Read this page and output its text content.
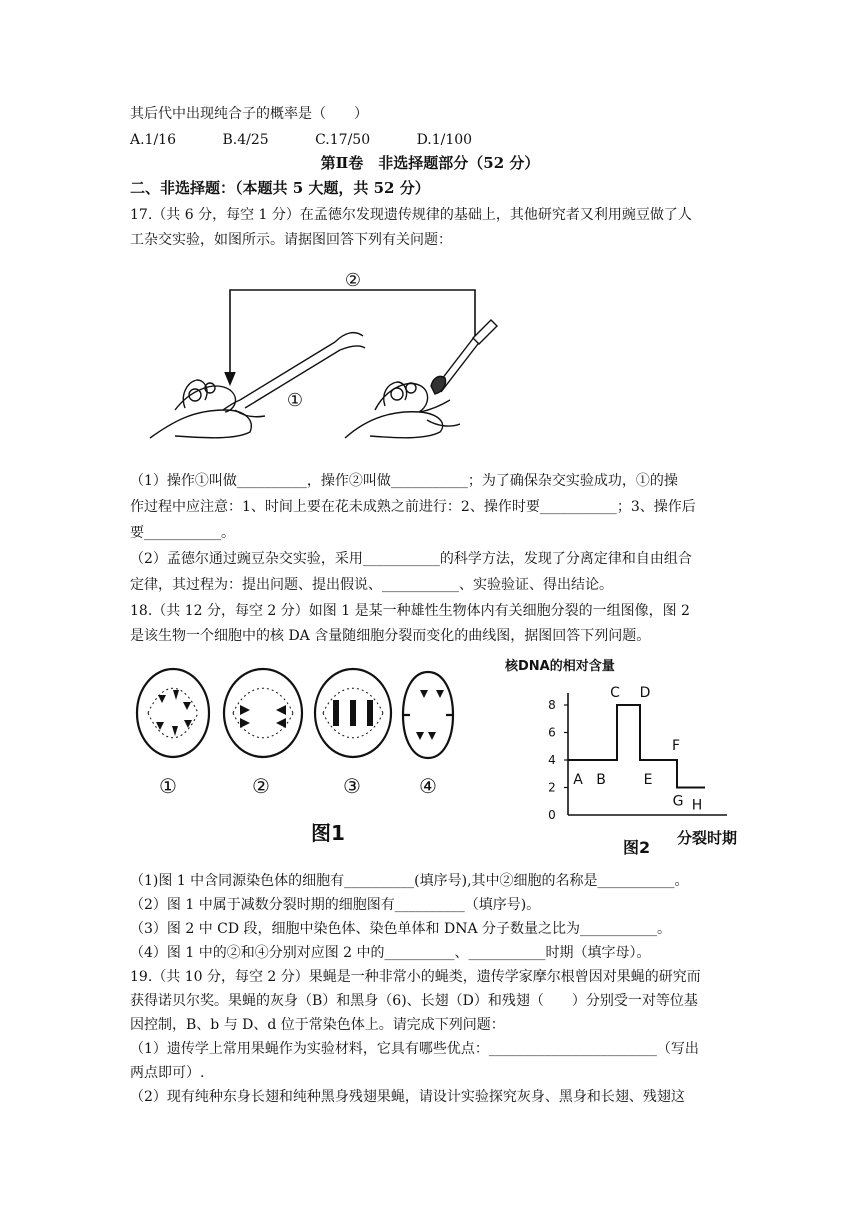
其后代中出现纯合子的概率是（　　）
A.1/16	B.4/25	C.17/50	D.1/100
第Ⅱ卷　非选择题部分（52 分）
二、非选择题：（本题共 5 大题，共 52 分）
17.（共 6 分，每空 1 分）在孟德尔发现遗传规律的基础上，其他研究者又利用豌豆做了人
工杂交实验，如图所示。请据图回答下列有关问题：
②
①
（1）操作①叫做__________，操作②叫做___________；为了确保杂交实验成功，①的操
作过程中应注意：1、时间上要在花未成熟之前进行：2、操作时要___________；3、操作后
要___________。
（2）孟德尔通过豌豆杂交实验，采用___________的科学方法，发现了分离定律和自由组合
定律，其过程为：提出问题、提出假说、___________、实验验证、得出结论。
18.（共 12 分，每空 2 分）如图 1 是某一种雄性生物体内有关细胞分裂的一组图像，图 2
是该生物一个细胞中的核 DA 含量随细胞分裂而变化的曲线图，据图回答下列问题。
①	②	③	④
图1
核DNA的相对含量
分裂时期
图2
0
2
4
6
8
A B
C D
E
F
G H
（1)图 1 中含同源染色体的细胞有__________(填序号),其中②细胞的名称是___________。
（2）图 1 中属于减数分裂时期的细胞图有__________（填序号)。
（3）图 2 中 CD 段，细胞中染色体、染色单体和 DNA 分子数量之比为___________。
（4）图 1 中的②和④分别对应图 2 中的__________、___________时期（填字母）。
19.（共 10 分，每空 2 分）果蝇是一种非常小的蝇类，遗传学家摩尔根曾因对果蝇的研究而
获得诺贝尔奖。果蝇的灰身（B）和黑身（6)、长翅（D）和残翅（　　）分别受一对等位基
因控制，B、b 与 D、d 位于常染色体上。请完成下列问题：
（1）遗传学上常用果蝇作为实验材料，它具有哪些优点：________________________（写出
两点即可）.
（2）现有纯种东身长翅和纯种黑身残翅果蝇，请设计实验探究灰身、黑身和长翅、残翅这
